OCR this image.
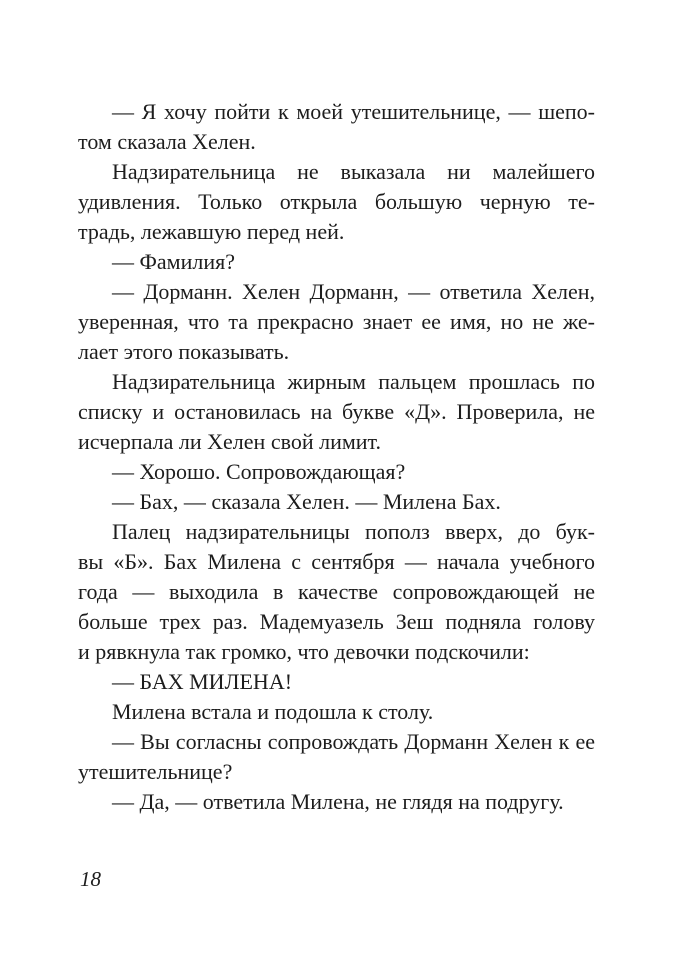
— Я хочу пойти к моей утешительнице, — шепо-
том сказала Хелен.
Надзирательница не выказала ни малейшего
удивления. Только открыла большую черную те-
традь, лежавшую перед ней.
— Фамилия?
— Дорманн. Хелен Дорманн, — ответила Хелен,
уверенная, что та прекрасно знает ее имя, но не же-
лает этого показывать.
Надзирательница жирным пальцем прошлась по
списку и остановилась на букве «Д». Проверила, не
исчерпала ли Хелен свой лимит.
— Хорошо. Сопровождающая?
— Бах, — сказала Хелен. — Милена Бах.
Палец надзирательницы пополз вверх, до бук-
вы «Б». Бах Милена с сентября — начала учебного
года — выходила в качестве сопровождающей не
больше трех раз. Мадемуазель Зеш подняла голову
и рявкнула так громко, что девочки подскочили:
— БАХ МИЛЕНА!
Милена встала и подошла к столу.
— Вы согласны сопровождать Дорманн Хелен к ее
утешительнице?
— Да, — ответила Милена, не глядя на подругу.
18
